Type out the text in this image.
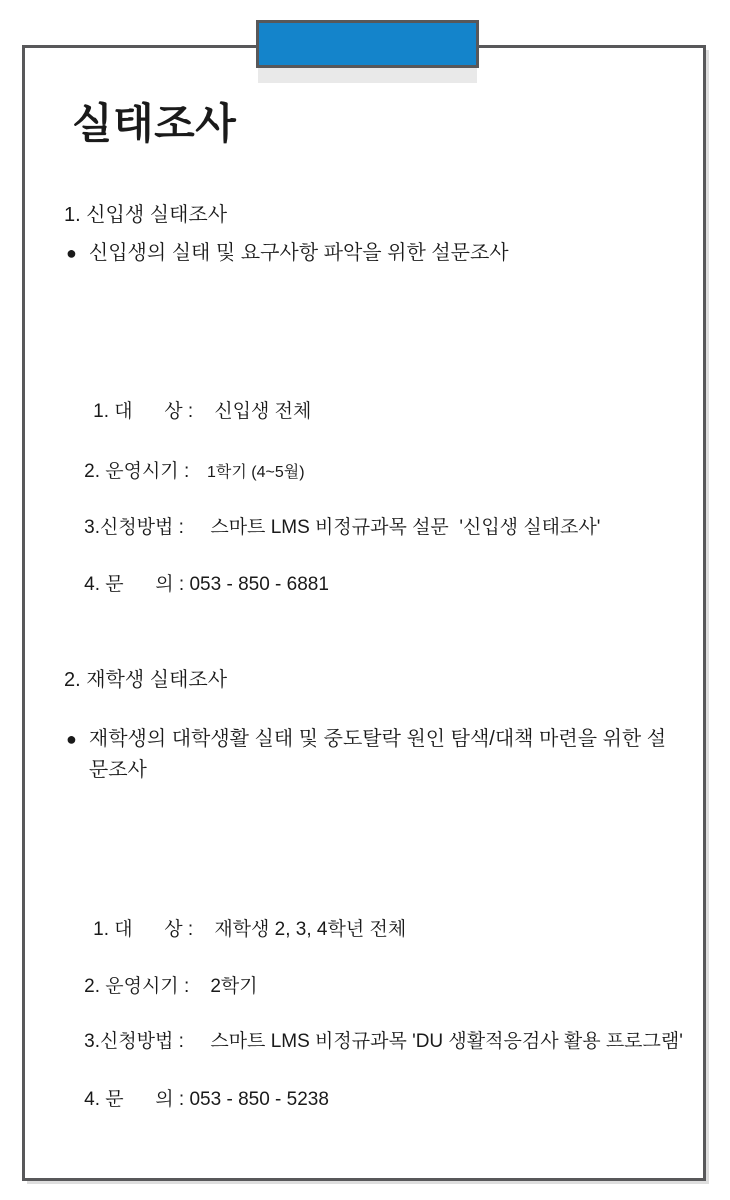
실태조사
1. 신입생 실태조사
● 신입생의 실태 및 요구사항 파악을 위한 설문조사

1. 대      상 :    신입생 전체

2. 운영시기 :    1학기 (4~5월)

3.신청방법 :     스마트 LMS 비정규과목 설문  '신입생 실태조사'

4. 문      의 : 053 - 850 - 6881

2. 재학생 실태조사
● 재학생의 대학생활 실태 및 중도탈락 원인 탐색/대책 마련을 위한 설문조사

1. 대      상 :    재학생 2, 3, 4학년 전체

2. 운영시기 :    2학기

3.신청방법 :     스마트 LMS 비정규과목 'DU 생활적응검사 활용 프로그램'

4. 문      의 : 053 - 850 - 5238
